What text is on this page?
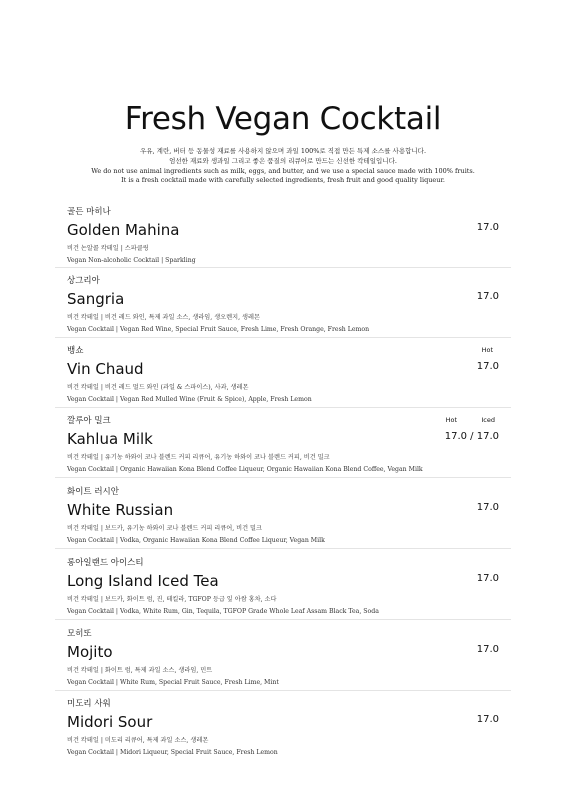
Fresh Vegan Cocktail
우유, 계란, 버터 등 동물성 재료를 사용하지 않으며 과일 100%로 직접 만든 특제 소스를 사용합니다.
엄선한 재료와 생과일 그리고 좋은 품질의 리큐어로 만드는 신선한 칵테일입니다.
We do not use animal ingredients such as milk, eggs, and butter, and we use a special sauce made with 100% fruits.
It is a fresh cocktail made with carefully selected ingredients, fresh fruit and good quality liqueur.
골든 마히나
Golden Mahina	17.0
비건 논알콜 칵테일 | 스파클링
Vegan Non-alcoholic Cocktail | Sparkling
상그리아
Sangria	17.0
비건 칵테일 | 비건 레드 와인, 특제 과일 소스, 생라임, 생오렌지, 생레몬
Vegan Cocktail | Vegan Red Wine, Special Fruit Sauce, Fresh Lime, Fresh Orange, Fresh Lemon
뱅쇼	Hot
Vin Chaud	17.0
비건 칵테일 | 비건 레드 멀드 와인 (과일 & 스파이스), 사과, 생레몬
Vegan Cocktail | Vegan Red Mulled Wine (Fruit & Spice), Apple, Fresh Lemon
깔루아 밀크	Hot	Iced
Kahlua Milk	17.0 / 17.0
비건 칵테일 | 유기농 하와이 코나 블렌드 커피 리큐어, 유기농 하와이 코나 블렌드 커피, 비건 밀크
Vegan Cocktail | Organic Hawaiian Kona Blend Coffee Liqueur, Organic Hawaiian Kona Blend Coffee, Vegan Milk
화이트 러시안
White Russian	17.0
비건 칵테일 | 보드카, 유기농 하와이 코나 블렌드 커피 리큐어, 비건 밀크
Vegan Cocktail | Vodka, Organic Hawaiian Kona Blend Coffee Liqueur, Vegan Milk
롱아일랜드 아이스티
Long Island Iced Tea	17.0
비건 칵테일 | 보드카, 화이트 럼, 진, 테킬라, TGFOP 등급 잎 아쌈 홍차, 소다
Vegan Cocktail | Vodka, White Rum, Gin, Tequila, TGFOP Grade Whole Leaf Assam Black Tea, Soda
모히또
Mojito	17.0
비건 칵테일 | 화이트 럼, 특제 과일 소스, 생라임, 민트
Vegan Cocktail | White Rum, Special Fruit Sauce, Fresh Lime, Mint
미도리 사워
Midori Sour	17.0
비건 칵테일 | 미도리 리큐어, 특제 과일 소스, 생레몬
Vegan Cocktail | Midori Liqueur, Special Fruit Sauce, Fresh Lemon
